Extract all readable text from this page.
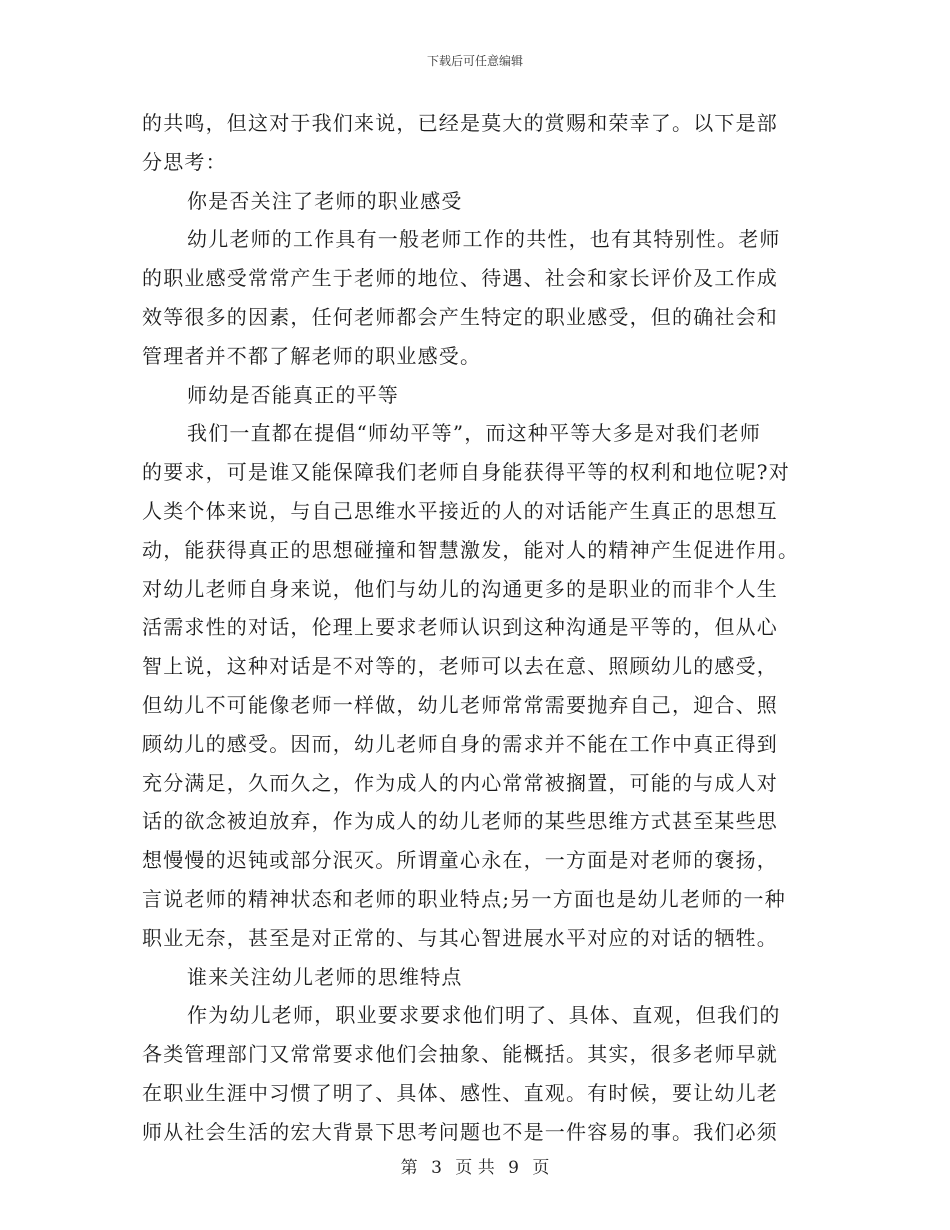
下载后可任意编辑
的共鸣，但这对于我们来说，已经是莫大的赏赐和荣幸了。以下是部
分思考：
你是否关注了老师的职业感受
幼儿老师的工作具有一般老师工作的共性，也有其特别性。老师
的职业感受常常产生于老师的地位、待遇、社会和家长评价及工作成
效等很多的因素，任何老师都会产生特定的职业感受，但的确社会和
管理者并不都了解老师的职业感受。
师幼是否能真正的平等
我们一直都在提倡“师幼平等”，而这种平等大多是对我们老师
的要求，可是谁又能保障我们老师自身能获得平等的权利和地位呢?对
人类个体来说，与自己思维水平接近的人的对话能产生真正的思想互
动，能获得真正的思想碰撞和智慧激发，能对人的精神产生促进作用。
对幼儿老师自身来说，他们与幼儿的沟通更多的是职业的而非个人生
活需求性的对话，伦理上要求老师认识到这种沟通是平等的，但从心
智上说，这种对话是不对等的，老师可以去在意、照顾幼儿的感受，
但幼儿不可能像老师一样做，幼儿老师常常需要抛弃自己，迎合、照
顾幼儿的感受。因而，幼儿老师自身的需求并不能在工作中真正得到
充分满足，久而久之，作为成人的内心常常被搁置，可能的与成人对
话的欲念被迫放弃，作为成人的幼儿老师的某些思维方式甚至某些思
想慢慢的迟钝或部分泯灭。所谓童心永在，一方面是对老师的褒扬，
言说老师的精神状态和老师的职业特点;另一方面也是幼儿老师的一种
职业无奈，甚至是对正常的、与其心智进展水平对应的对话的牺牲。
谁来关注幼儿老师的思维特点
作为幼儿老师，职业要求要求他们明了、具体、直观，但我们的
各类管理部门又常常要求他们会抽象、能概括。其实，很多老师早就
在职业生涯中习惯了明了、具体、感性、直观。有时候，要让幼儿老
师从社会生活的宏大背景下思考问题也不是一件容易的事。我们必须
第 3 页 共 9 页
